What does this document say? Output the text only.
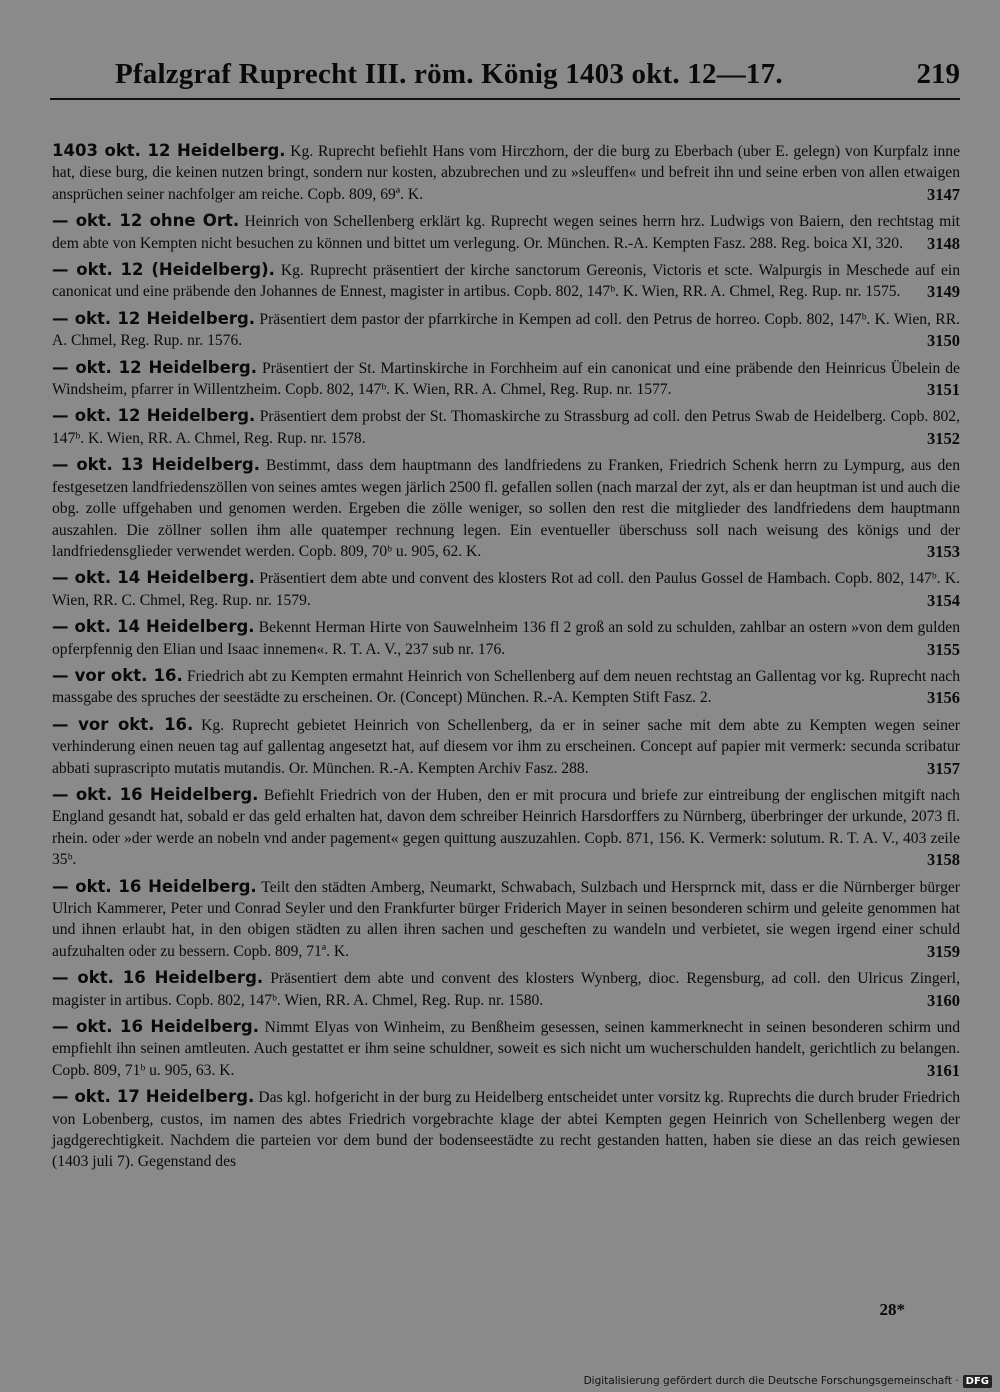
Pfalzgraf Ruprecht III. röm. König 1403 okt. 12—17.	219
1403 okt. 12 Heidelberg. Kg. Ruprecht befiehlt Hans vom Hirczhorn, der die burg zu Eberbach (uber E. gelegn) von Kurpfalz inne hat, diese burg, die keinen nutzen bringt, sondern nur kosten, abzubrechen und zu »sleuffen« und befreit ihn und seine erben von allen etwaigen ansprüchen seiner nachfolger am reiche. Copb. 809, 69ª. K.	3147
— okt. 12 ohne Ort. Heinrich von Schellenberg erklärt kg. Ruprecht wegen seines herrn hrz. Ludwigs von Baiern, den rechtstag mit dem abte von Kempten nicht besuchen zu können und bittet um verlegung. Or. München. R.-A. Kempten Fasz. 288. Reg. boica XI, 320. 3148
— okt. 12 (Heidelberg). Kg. Ruprecht präsentiert der kirche sanctorum Gereonis, Victoris et scte. Walpurgis in Meschede auf ein canonicat und eine präbende den Johannes de Ennest, magister in artibus. Copb. 802, 147ᵇ. K. Wien, RR. A. Chmel, Reg. Rup. nr. 1575. 3149
— okt. 12 Heidelberg. Präsentiert dem pastor der pfarrkirche in Kempen ad coll. den Petrus de horreo. Copb. 802, 147ᵇ. K. Wien, RR. A. Chmel, Reg. Rup. nr. 1576.	3150
— okt. 12 Heidelberg. Präsentiert der St. Martinskirche in Forchheim auf ein canonicat und eine präbende den Heinricus Übelein de Windsheim, pfarrer in Willentzheim. Copb. 802, 147ᵇ. K. Wien, RR. A. Chmel, Reg. Rup. nr. 1577.	3151
— okt. 12 Heidelberg. Präsentiert dem probst der St. Thomaskirche zu Strassburg ad coll. den Petrus Swab de Heidelberg. Copb. 802, 147ᵇ. K. Wien, RR. A. Chmel, Reg. Rup. nr. 1578.	3152
— okt. 13 Heidelberg. Bestimmt, dass dem hauptmann des landfriedens zu Franken, Friedrich Schenk herrn zu Lympurg, aus den festgesetzen landfriedenszöllen von seines amtes wegen järlich 2500 fl. gefallen sollen (nach marzal der zyt, als er dan heuptman ist und auch die obg. zolle uffgehaben und genomen werden. Ergeben die zölle weniger, so sollen den rest die mitglieder des landfriedens dem hauptmann auszahlen. Die zöllner sollen ihm alle quatemper rechnung legen. Ein eventueller überschuss soll nach weisung des königs und der landfriedensglieder verwendet werden. Copb. 809, 70ᵇ u. 905, 62. K.	3153
— okt. 14 Heidelberg. Präsentiert dem abte und convent des klosters Rot ad coll. den Paulus Gossel de Hambach. Copb. 802, 147ᵇ. K. Wien, RR. C. Chmel, Reg. Rup. nr. 1579.	3154
— okt. 14 Heidelberg. Bekennt Herman Hirte von Sauwelnheim 136 fl 2 groß an sold zu schulden, zahlbar an ostern »von dem gulden opferpfennig den Elian und Isaac innemen«. R. T. A. V., 237 sub nr. 176.	3155
— vor okt. 16. Friedrich abt zu Kempten ermahnt Heinrich von Schellenberg auf dem neuen rechtstag an Gallentag vor kg. Ruprecht nach massgabe des spruches der seestädte zu erscheinen. Or. (Concept) München. R.-A. Kempten Stift Fasz. 2.	3156
— vor okt. 16. Kg. Ruprecht gebietet Heinrich von Schellenberg, da er in seiner sache mit dem abte zu Kempten wegen seiner verhinderung einen neuen tag auf gallentag angesetzt hat, auf diesem vor ihm zu erscheinen. Concept auf papier mit vermerk: secunda scribatur abbati suprascripto mutatis mutandis. Or. München. R.-A. Kempten Archiv Fasz. 288.	3157
— okt. 16 Heidelberg. Befiehlt Friedrich von der Huben, den er mit procura und briefe zur eintreibung der englischen mitgift nach England gesandt hat, sobald er das geld erhalten hat, davon dem schreiber Heinrich Harsdorffers zu Nürnberg, überbringer der urkunde, 2073 fl. rhein. oder »der werde an nobeln vnd ander pagement« gegen quittung auszuzahlen. Copb. 871, 156. K. Vermerk: solutum. R. T. A. V., 403 zeile 35ᵇ.	3158
— okt. 16 Heidelberg. Teilt den städten Amberg, Neumarkt, Schwabach, Sulzbach und Hersprnck mit, dass er die Nürnberger bürger Ulrich Kammerer, Peter und Conrad Seyler und den Frankfurter bürger Friderich Mayer in seinen besonderen schirm und geleite genommen hat und ihnen erlaubt hat, in den obigen städten zu allen ihren sachen und gescheften zu wandeln und verbietet, sie wegen irgend einer schuld aufzuhalten oder zu bessern. Copb. 809, 71ª. K.	3159
— okt. 16 Heidelberg. Präsentiert dem abte und convent des klosters Wynberg, dioc. Regensburg, ad coll. den Ulricus Zingerl, magister in artibus. Copb. 802, 147ᵇ. Wien, RR. A. Chmel, Reg. Rup. nr. 1580.	3160
— okt. 16 Heidelberg. Nimmt Elyas von Winheim, zu Benßheim gesessen, seinen kammerknecht in seinen besonderen schirm und empfiehlt ihn seinen amtleuten. Auch gestattet er ihm seine schuldner, soweit es sich nicht um wucherschulden handelt, gerichtlich zu belangen. Copb. 809, 71ᵇ u. 905, 63. K.	3161
— okt. 17 Heidelberg. Das kgl. hofgericht in der burg zu Heidelberg entscheidet unter vorsitz kg. Ruprechts die durch bruder Friedrich von Lobenberg, custos, im namen des abtes Friedrich vorgebrachte klage der abtei Kempten gegen Heinrich von Schellenberg wegen der jagdgerechtigkeit. Nachdem die parteien vor dem bund der bodenseestädte zu recht gestanden hatten, haben sie diese an das reich gewiesen (1403 juli 7). Gegenstand des
28*
Digitalisierung gefördert durch die Deutsche Forschungsgemeinschaft · DFG
